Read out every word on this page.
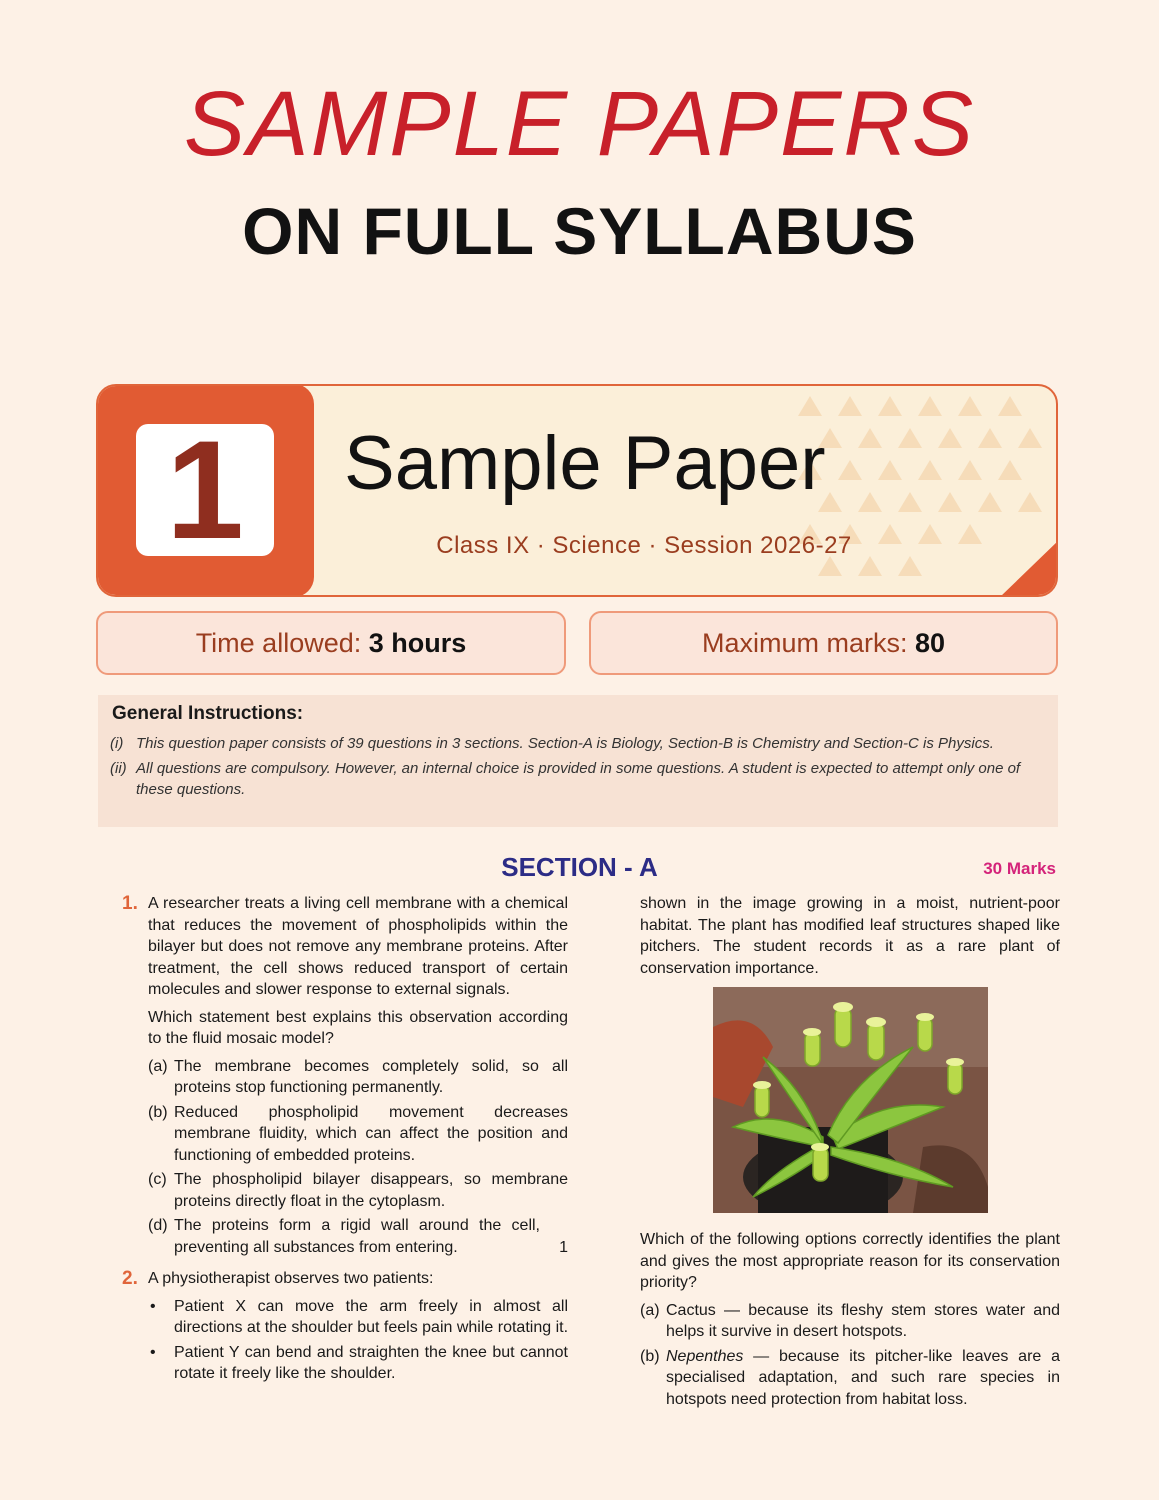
SAMPLE PAPERS
ON FULL SYLLABUS
1	Sample Paper
Class IX · Science · Session 2026-27
Time allowed: 3 hours	Maximum marks: 80
General Instructions:
(i) This question paper consists of 39 questions in 3 sections. Section-A is Biology, Section-B is Chemistry and Section-C is Physics.
(ii) All questions are compulsory. However, an internal choice is provided in some questions. A student is expected to attempt only one of these questions.
SECTION - A	30 Marks
1. A researcher treats a living cell membrane with a chemical that reduces the movement of phospholipids within the bilayer but does not remove any membrane proteins. After treatment, the cell shows reduced transport of certain molecules and slower response to external signals.

Which statement best explains this observation according to the fluid mosaic model?

(a) The membrane becomes completely solid, so all proteins stop functioning permanently.
(b) Reduced phospholipid movement decreases membrane fluidity, which can affect the position and functioning of embedded proteins.
(c) The phospholipid bilayer disappears, so membrane proteins directly float in the cytoplasm.
(d) The proteins form a rigid wall around the cell, preventing all substances from entering.	1
2. A physiotherapist observes two patients:

• Patient X can move the arm freely in almost all directions at the shoulder but feels pain while rotating it.
• Patient Y can bend and straighten the knee but cannot rotate it freely like the shoulder.

shown in the image growing in a moist, nutrient-poor habitat. The plant has modified leaf structures shaped like pitchers. The student records it as a rare plant of conservation importance.

Which of the following options correctly identifies the plant and gives the most appropriate reason for its conservation priority?

(a) Cactus — because its fleshy stem stores water and helps it survive in desert hotspots.
(b) Nepenthes — because its pitcher-like leaves are a specialised adaptation, and such rare species in hotspots need protection from habitat loss.
